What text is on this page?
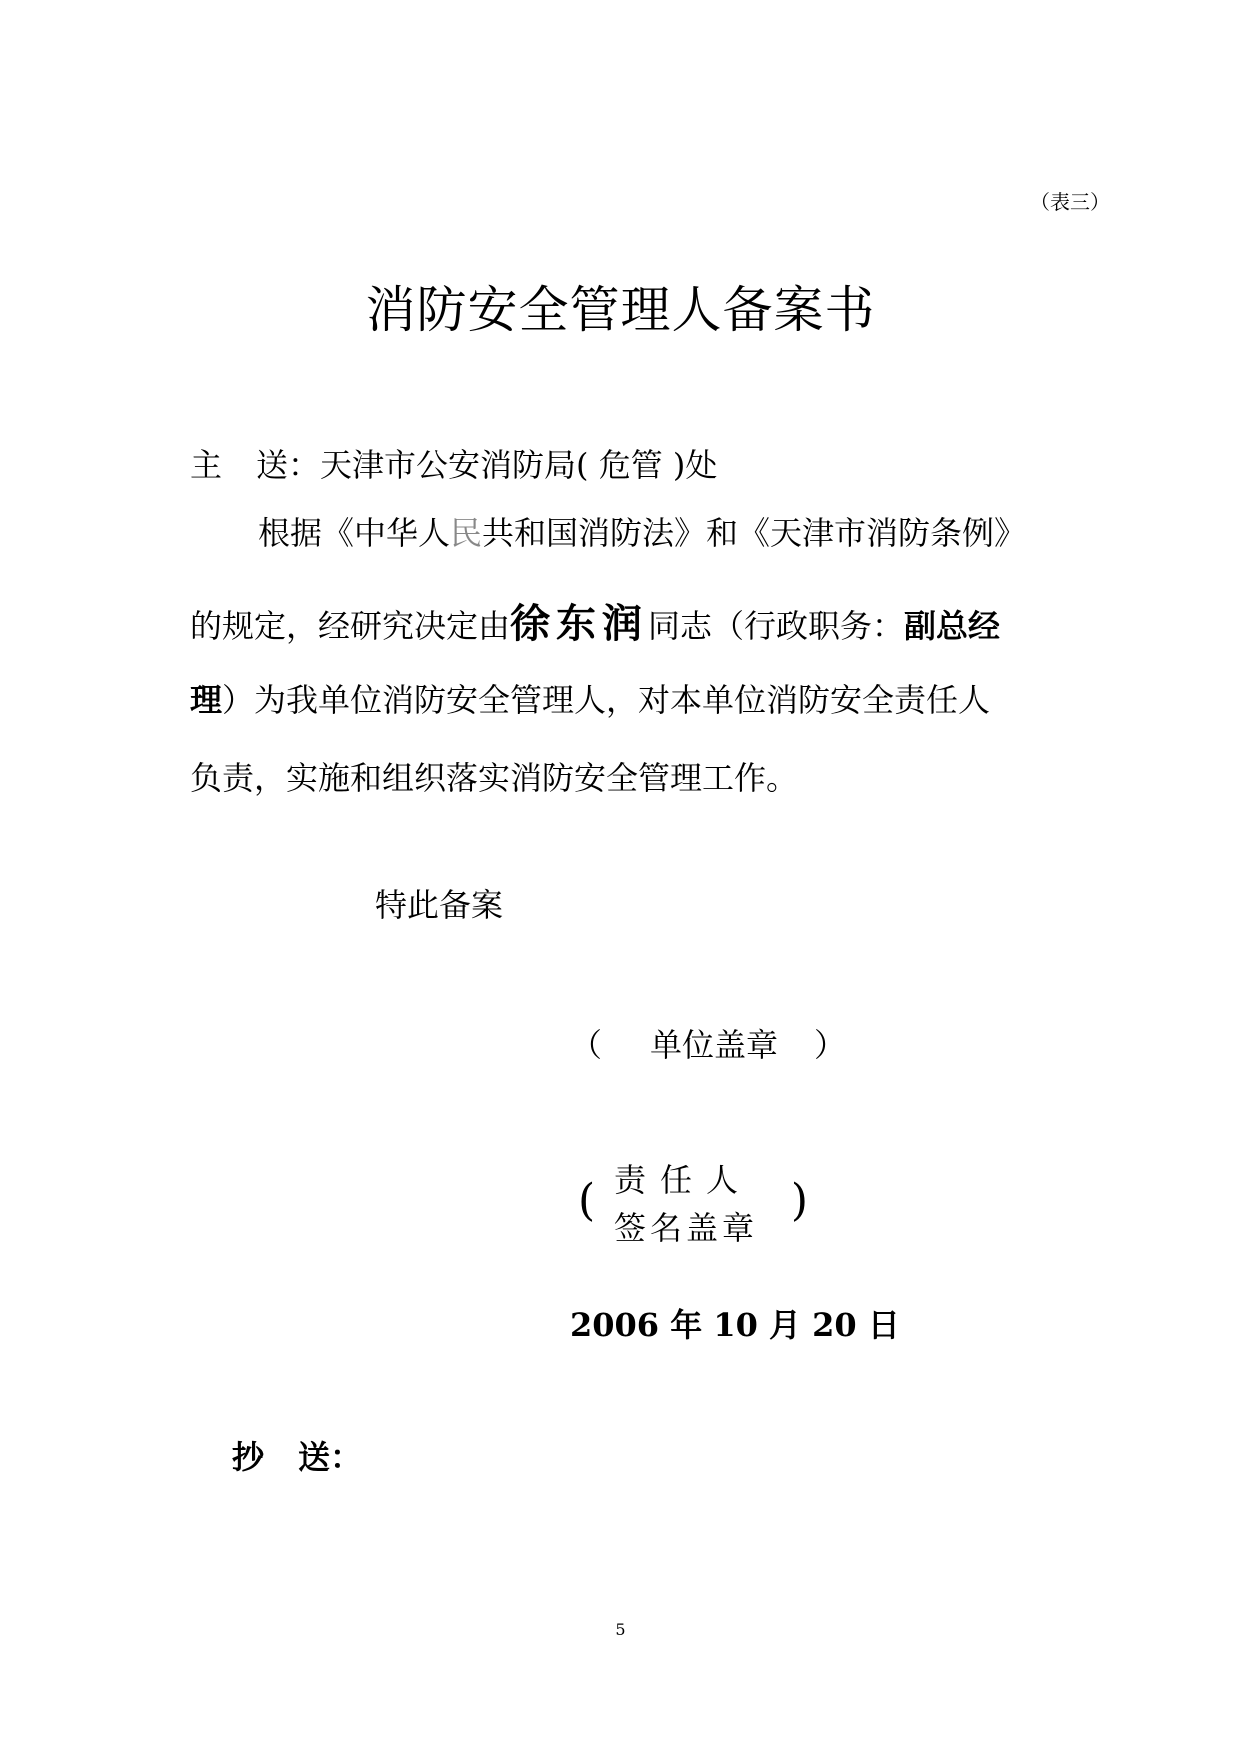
（表三）
消防安全管理人备案书
主 送：天津市公安消防局( 危管 )处
根据《中华人民共和国消防法》和《天津市消防条例》
的规定，经研究决定由徐东润同志（行政职务：副总经
理）为我单位消防安全管理人，对本单位消防安全责任人
负责，实施和组织落实消防安全管理工作。
特此备案
（ 单位盖章 ）
( 责任人
签名盖章
)
2006 年 10 月 20 日
抄 送：
5
